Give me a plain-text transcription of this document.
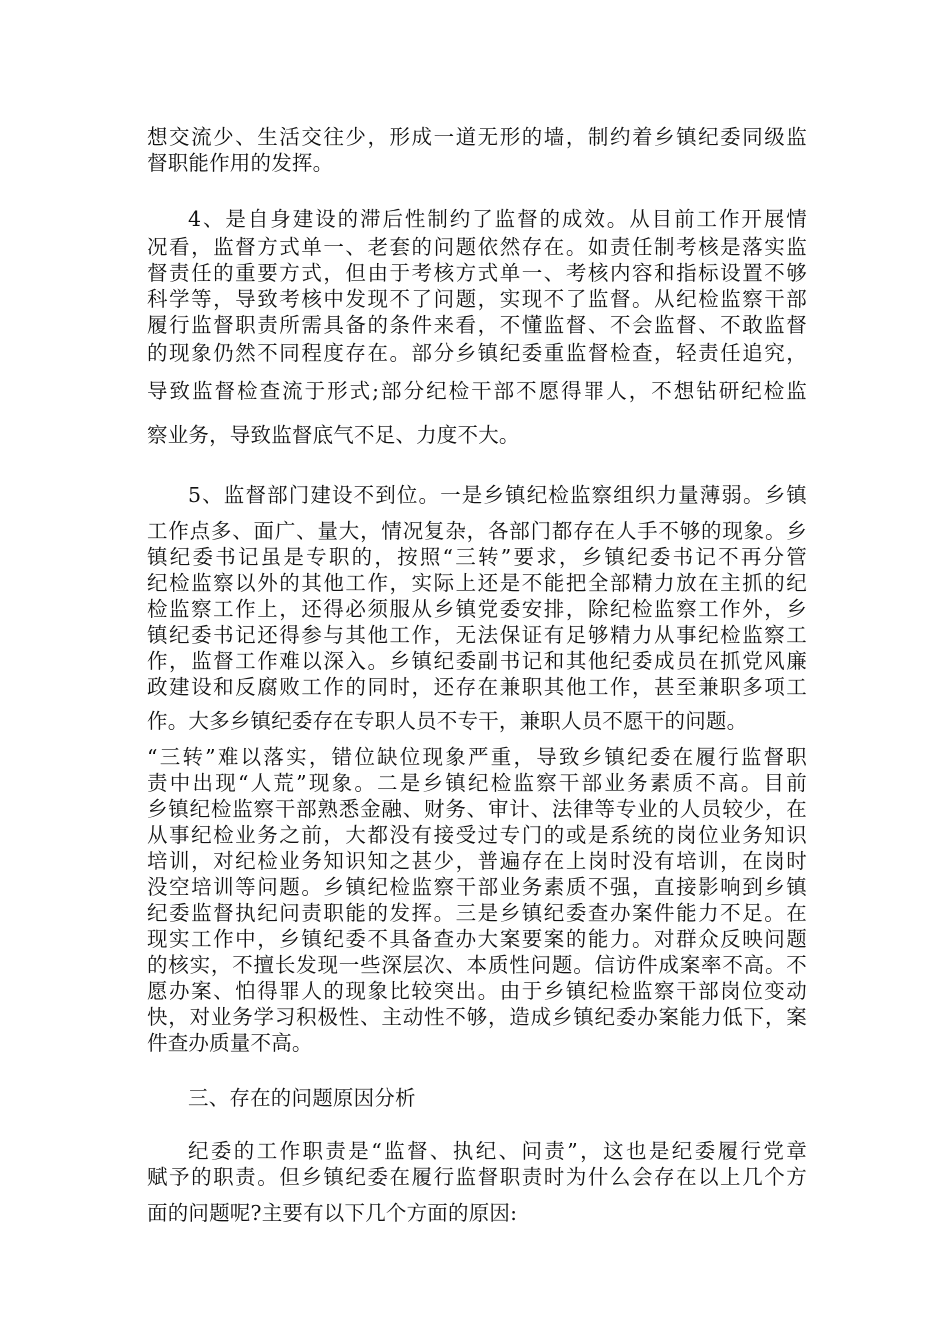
想交流少、生活交往少，形成一道无形的墙，制约着乡镇纪委同级监
督职能作用的发挥。
4、是自身建设的滞后性制约了监督的成效。从目前工作开展情
况看，监督方式单一、老套的问题依然存在。如责任制考核是落实监
督责任的重要方式，但由于考核方式单一、考核内容和指标设置不够
科学等，导致考核中发现不了问题，实现不了监督。从纪检监察干部
履行监督职责所需具备的条件来看，不懂监督、不会监督、不敢监督
的现象仍然不同程度存在。部分乡镇纪委重监督检查，轻责任追究，
导致监督检查流于形式;部分纪检干部不愿得罪人，不想钻研纪检监
察业务，导致监督底气不足、力度不大。
5、监督部门建设不到位。一是乡镇纪检监察组织力量薄弱。乡镇
工作点多、面广、量大，情况复杂，各部门都存在人手不够的现象。乡
镇纪委书记虽是专职的，按照“三转”要求，乡镇纪委书记不再分管
纪检监察以外的其他工作，实际上还是不能把全部精力放在主抓的纪
检监察工作上，还得必须服从乡镇党委安排，除纪检监察工作外，乡
镇纪委书记还得参与其他工作，无法保证有足够精力从事纪检监察工
作，监督工作难以深入。乡镇纪委副书记和其他纪委成员在抓党风廉
政建设和反腐败工作的同时，还存在兼职其他工作，甚至兼职多项工
作。大多乡镇纪委存在专职人员不专干，兼职人员不愿干的问题。
“三转”难以落实，错位缺位现象严重，导致乡镇纪委在履行监督职
责中出现“人荒”现象。二是乡镇纪检监察干部业务素质不高。目前
乡镇纪检监察干部熟悉金融、财务、审计、法律等专业的人员较少，在
从事纪检业务之前，大都没有接受过专门的或是系统的岗位业务知识
培训，对纪检业务知识知之甚少，普遍存在上岗时没有培训，在岗时
没空培训等问题。乡镇纪检监察干部业务素质不强，直接影响到乡镇
纪委监督执纪问责职能的发挥。三是乡镇纪委查办案件能力不足。在
现实工作中，乡镇纪委不具备查办大案要案的能力。对群众反映问题
的核实，不擅长发现一些深层次、本质性问题。信访件成案率不高。不
愿办案、怕得罪人的现象比较突出。由于乡镇纪检监察干部岗位变动
快，对业务学习积极性、主动性不够，造成乡镇纪委办案能力低下，案
件查办质量不高。
三、存在的问题原因分析
纪委的工作职责是“监督、执纪、问责”，这也是纪委履行党章
赋予的职责。但乡镇纪委在履行监督职责时为什么会存在以上几个方
面的问题呢?主要有以下几个方面的原因:
